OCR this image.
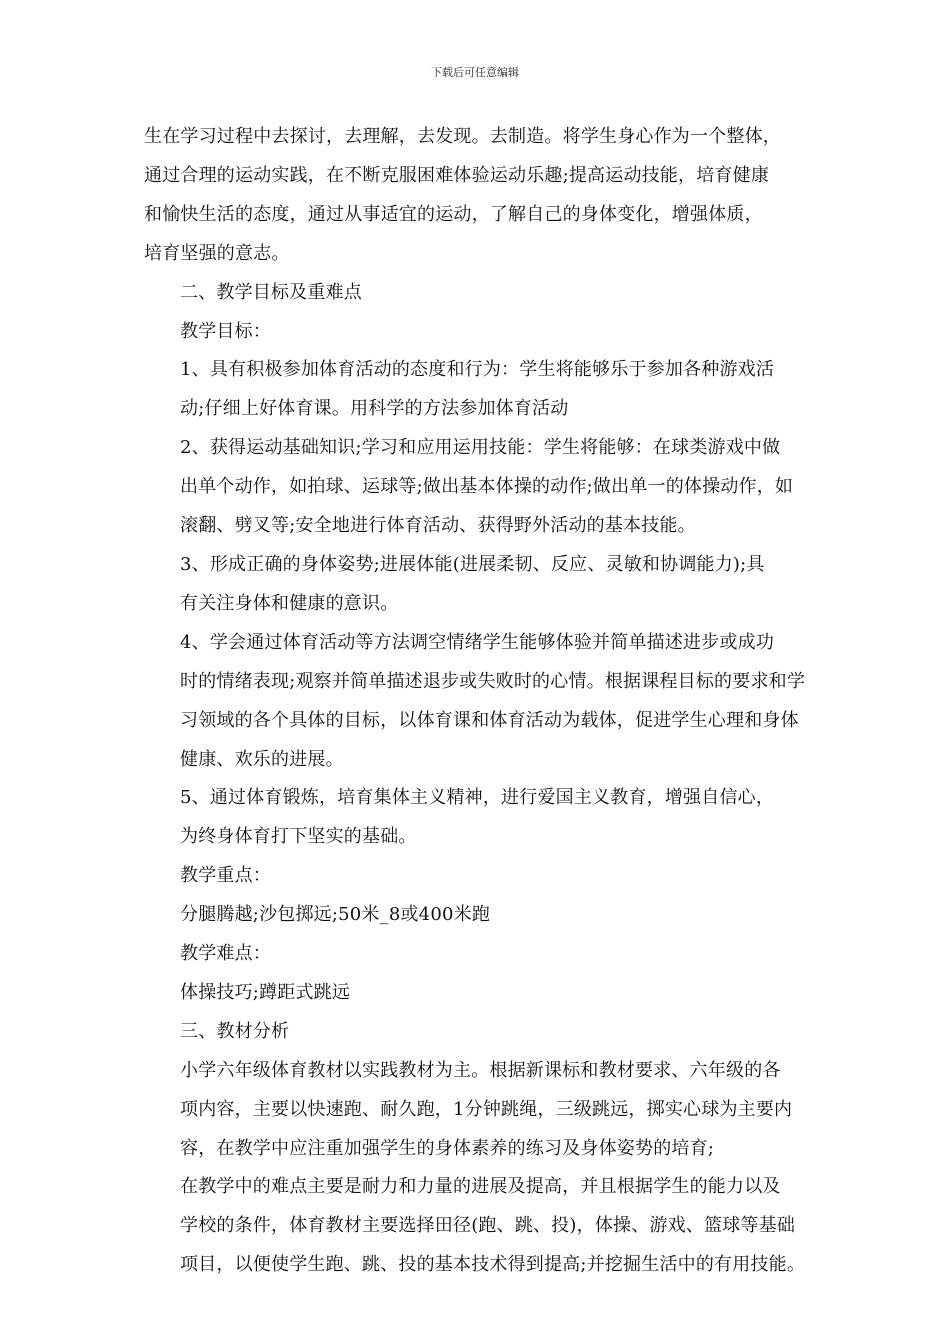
下载后可任意编辑

生在学习过程中去探讨，去理解，去发现。去制造。将学生身心作为一个整体，
通过合理的运动实践，在不断克服困难体验运动乐趣;提高运动技能，培育健康
和愉快生活的态度，通过从事适宜的运动，了解自己的身体变化，增强体质，
培育坚强的意志。

二、教学目标及重难点

教学目标：

1、具有积极参加体育活动的态度和行为：学生将能够乐于参加各种游戏活
动;仔细上好体育课。用科学的方法参加体育活动

2、获得运动基础知识;学习和应用运用技能：学生将能够：在球类游戏中做
出单个动作，如拍球、运球等;做出基本体操的动作;做出单一的体操动作，如
滚翻、劈叉等;安全地进行体育活动、获得野外活动的基本技能。

3、形成正确的身体姿势;进展体能(进展柔韧、反应、灵敏和协调能力);具
有关注身体和健康的意识。

4、学会通过体育活动等方法调空情绪学生能够体验并简单描述进步或成功
时的情绪表现;观察并简单描述退步或失败时的心情。根据课程目标的要求和学
习领域的各个具体的目标，以体育课和体育活动为载体，促进学生心理和身体
健康、欢乐的进展。

5、通过体育锻炼，培育集体主义精神，进行爱国主义教育，增强自信心，
为终身体育打下坚实的基础。

教学重点：

分腿腾越;沙包掷远;50米_8或400米跑

教学难点：

体操技巧;蹲距式跳远

三、教材分析

小学六年级体育教材以实践教材为主。根据新课标和教材要求、六年级的各
项内容，主要以快速跑、耐久跑，1分钟跳绳，三级跳远，掷实心球为主要内
容，在教学中应注重加强学生的身体素养的练习及身体姿势的培育;

在教学中的难点主要是耐力和力量的进展及提高，并且根据学生的能力以及
学校的条件，体育教材主要选择田径(跑、跳、投)，体操、游戏、篮球等基础
项目，以便使学生跑、跳、投的基本技术得到提高;并挖掘生活中的有用技能。
